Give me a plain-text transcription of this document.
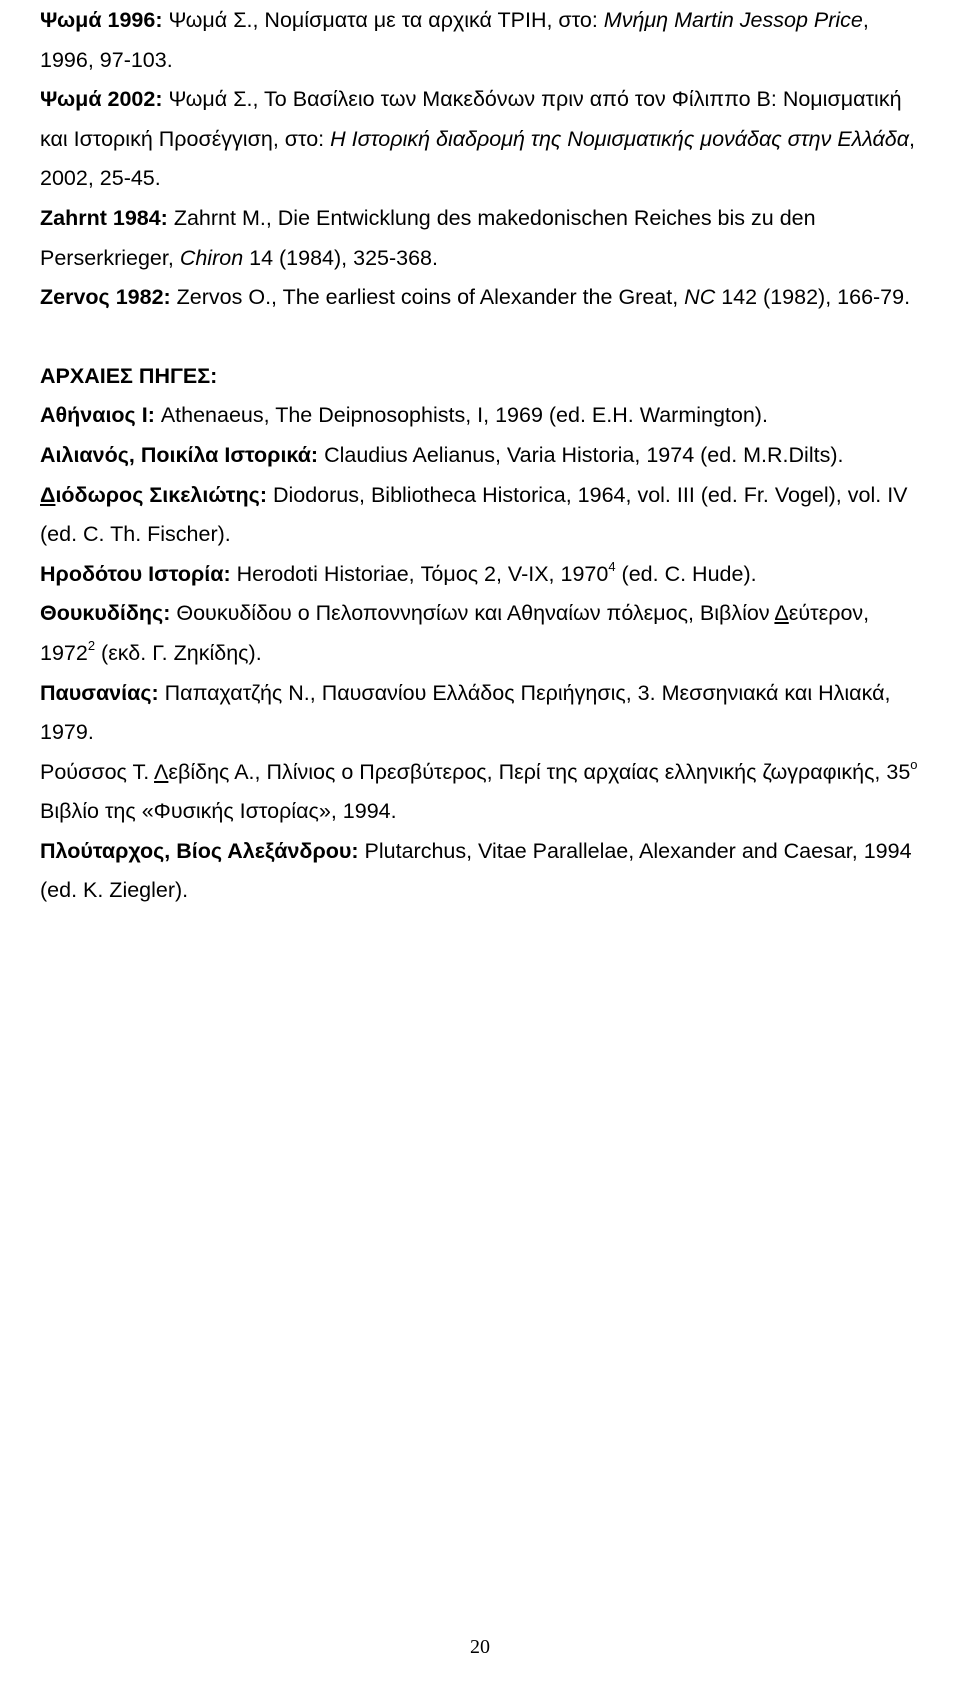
Ψωμά 1996: Ψωμά Σ., Νομίσματα με τα αρχικά ΤΡΙΗ, στο: Μνήμη Martin Jessop Price, 1996, 97-103.

Ψωμά 2002: Ψωμά Σ., Το Βασίλειο των Μακεδόνων πριν από τον Φίλιππο Β: Νομισματική και Ιστορική Προσέγγιση, στο: Η Ιστορική διαδρομή της Νομισματικής μονάδας στην Ελλάδα, 2002, 25-45.

Zahrnt 1984: Zahrnt M., Die Entwicklung des makedonischen Reiches bis zu den Perserkrieger, Chiron 14 (1984), 325-368.

Zervoς 1982: Zervos O., The earliest coins of Alexander the Great, NC 142 (1982), 166-79.

ΑΡΧΑΙΕΣ ΠΗΓΕΣ:

Αθήναιος Ι: Athenaeus, The Deipnosophists, I, 1969 (ed. E.H. Warmington).

Αιλιανός, Ποικίλα Ιστορικά: Claudius Aelianus, Varia Historia, 1974 (ed. M.R.Dilts).

Διόδωρος Σικελιώτης: Diodorus, Bibliotheca Historica, 1964, vol. III (ed. Fr. Vogel), vol. IV (ed. C. Th. Fischer).

Ηροδότου Ιστορία: Herodoti Historiae, Τόμος 2, V-IX, 1970$^4$ (ed. C. Hude).

Θουκυδίδης: Θουκυδίδου ο Πελοποννησίων και Αθηναίων πόλεμος, Βιβλίον Δεύτερον, 1972$^2$ (εκδ. Γ. Ζηκίδης).

Παυσανίας: Παπαχατζής Ν., Παυσανίου Ελλάδος Περιήγησις, 3. Μεσσηνιακά και Ηλιακά, 1979.

Ρούσσος Τ. Λεβίδης Α., Πλίνιος ο Πρεσβύτερος, Περί της αρχαίας ελληνικής ζωγραφικής, $35^o$ Βιβλίο της «Φυσικής Ιστορίας», 1994.

Πλούταρχος, Βίος Αλεξάνδρου: Plutarchus, Vitae Parallelae, Alexander and Caesar, 1994 (ed. K. Ziegler).

20
